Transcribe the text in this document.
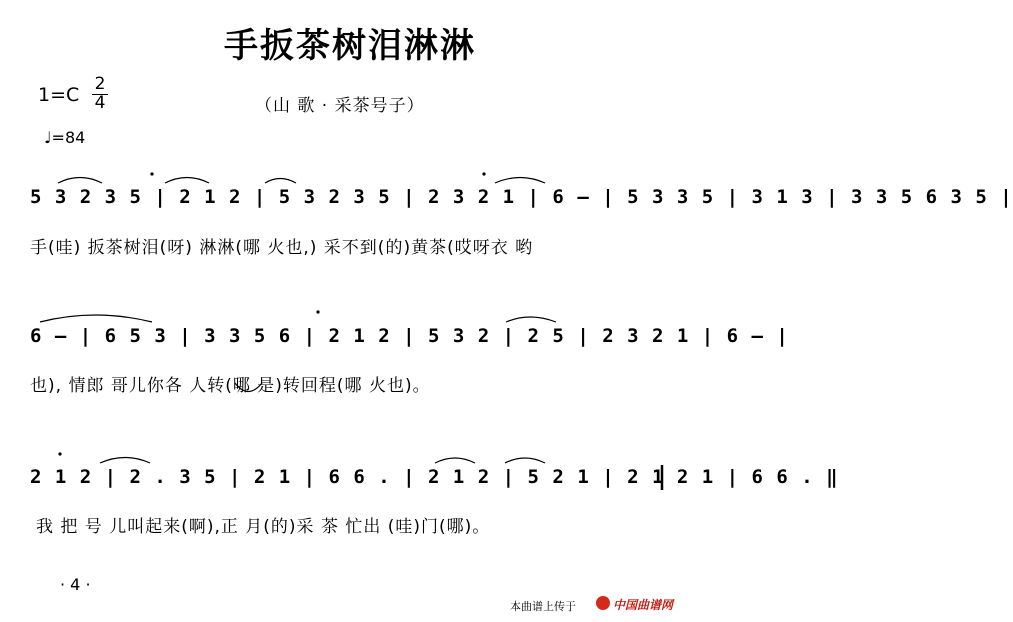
手扳茶树泪淋淋
$1=C \frac{2}{4}$	（山 歌 · 采茶号子）
♩=84
5 3 2 3 5 | 2 1 2 | 5 3 2 3 5 | 2 3 2 1 | 6 – | 5 3 3 5 | 3 1 3 | 3 3 5 6 3 5 |
手(哇) 扳茶树泪(呀) 淋淋(哪 火也,) 采不到(的)黄茶(哎呀衣 哟
6 – | 6 5 3 | 3 3 5 6 | 2 1 2 | 5 3 2 | 2 5 | 2 3 2 1 | 6 – |
也), 情郎 哥儿你各 人转(哪 是)转回程(哪 火也)。
2 1 2 | 2 . 3 5 | 2 1 | 6 6 . | 2 1 2 | 5 2 1 | 2 1 2 1 | 6 6 . ‖
我 把 号 儿叫起来(啊),正 月(的)采 茶 忙出 (哇)门(哪)。
· 4 ·
本曲谱上传于	中国曲谱网
